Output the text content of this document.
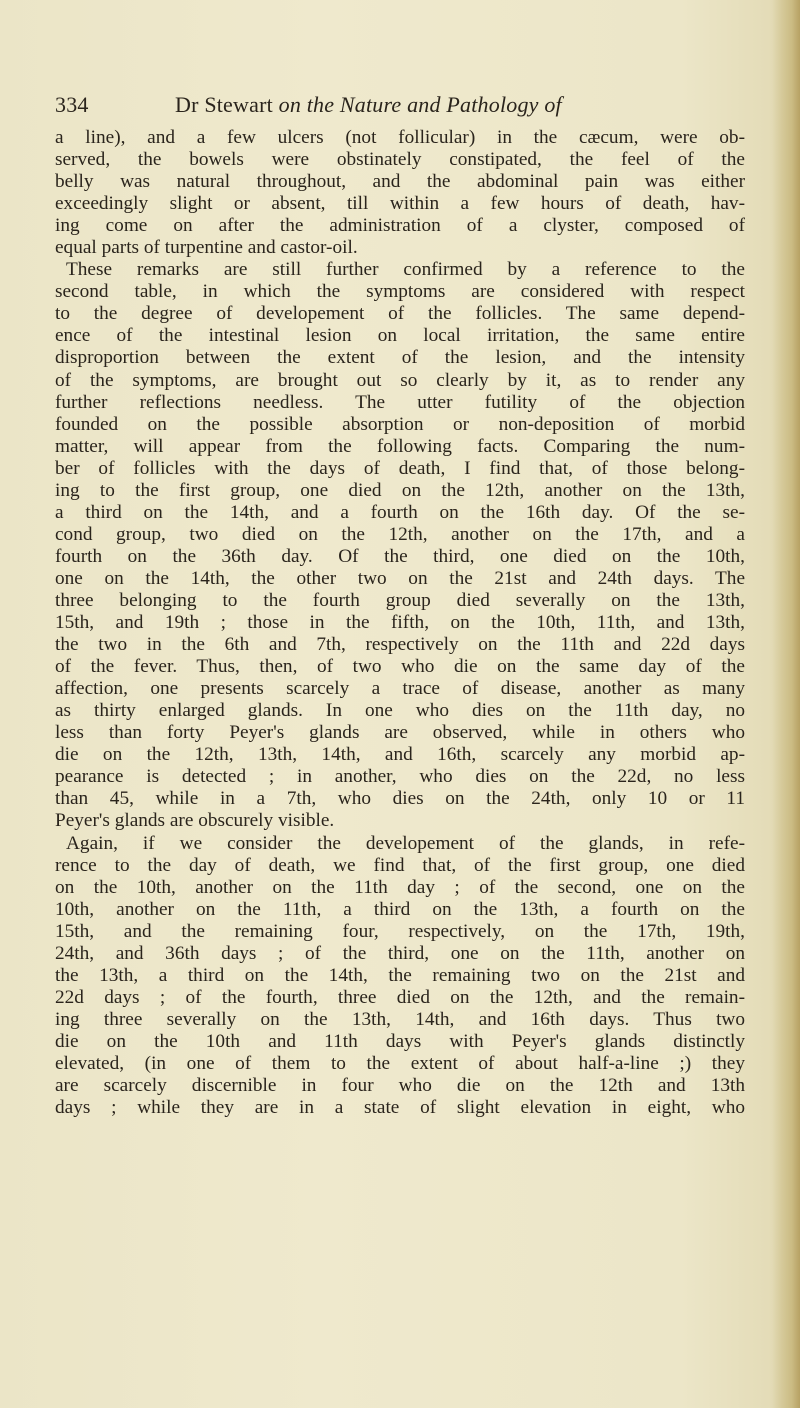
334	Dr Stewart on the Nature and Pathology of
a line), and a few ulcers (not follicular) in the cæcum, were ob-
served, the bowels were obstinately constipated, the feel of the
belly was natural throughout, and the abdominal pain was either
exceedingly slight or absent, till within a few hours of death, hav-
ing come on after the administration of a clyster, composed of
equal parts of turpentine and castor-oil.
These remarks are still further confirmed by a reference to the
second table, in which the symptoms are considered with respect
to the degree of developement of the follicles. The same depend-
ence of the intestinal lesion on local irritation, the same entire
disproportion between the extent of the lesion, and the intensity
of the symptoms, are brought out so clearly by it, as to render any
further reflections needless. The utter futility of the objection
founded on the possible absorption or non-deposition of morbid
matter, will appear from the following facts. Comparing the num-
ber of follicles with the days of death, I find that, of those belong-
ing to the first group, one died on the 12th, another on the 13th,
a third on the 14th, and a fourth on the 16th day. Of the se-
cond group, two died on the 12th, another on the 17th, and a
fourth on the 36th day. Of the third, one died on the 10th,
one on the 14th, the other two on the 21st and 24th days. The
three belonging to the fourth group died severally on the 13th,
15th, and 19th ; those in the fifth, on the 10th, 11th, and 13th,
the two in the 6th and 7th, respectively on the 11th and 22d days
of the fever. Thus, then, of two who die on the same day of the
affection, one presents scarcely a trace of disease, another as many
as thirty enlarged glands. In one who dies on the 11th day, no
less than forty Peyer's glands are observed, while in others who
die on the 12th, 13th, 14th, and 16th, scarcely any morbid ap-
pearance is detected ; in another, who dies on the 22d, no less
than 45, while in a 7th, who dies on the 24th, only 10 or 11
Peyer's glands are obscurely visible.
Again, if we consider the developement of the glands, in refe-
rence to the day of death, we find that, of the first group, one died
on the 10th, another on the 11th day ; of the second, one on the
10th, another on the 11th, a third on the 13th, a fourth on the
15th, and the remaining four, respectively, on the 17th, 19th,
24th, and 36th days ; of the third, one on the 11th, another on
the 13th, a third on the 14th, the remaining two on the 21st and
22d days ; of the fourth, three died on the 12th, and the remain-
ing three severally on the 13th, 14th, and 16th days. Thus two
die on the 10th and 11th days with Peyer's glands distinctly
elevated, (in one of them to the extent of about half-a-line ;) they
are scarcely discernible in four who die on the 12th and 13th
days ; while they are in a state of slight elevation in eight, who
